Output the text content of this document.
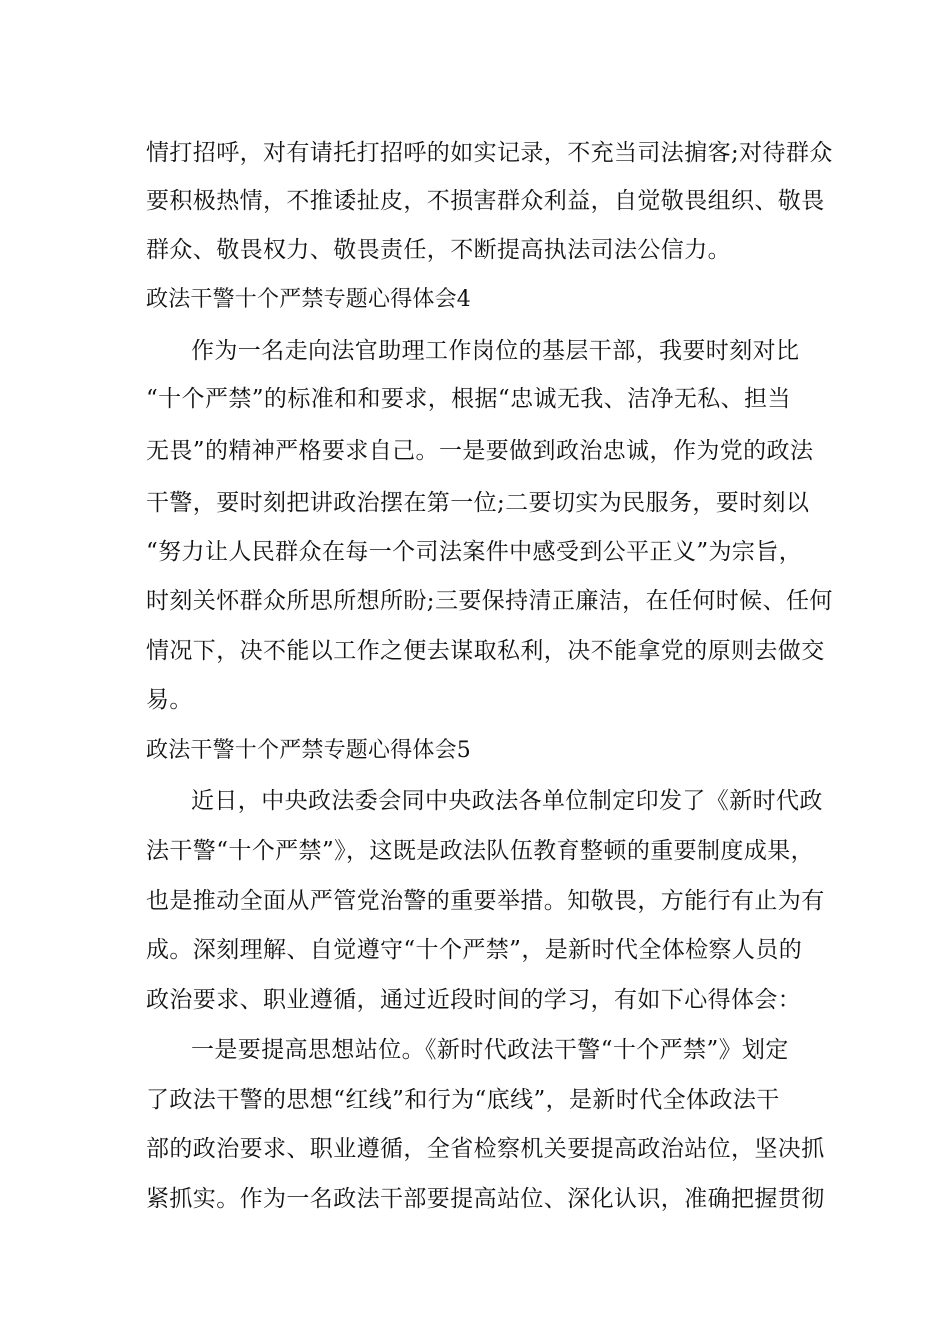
情打招呼，对有请托打招呼的如实记录，不充当司法掮客;对待群众
要积极热情，不推诿扯皮，不损害群众利益，自觉敬畏组织、敬畏
群众、敬畏权力、敬畏责任，不断提高执法司法公信力。
政法干警十个严禁专题心得体会4
作为一名走向法官助理工作岗位的基层干部，我要时刻对比
“十个严禁”的标准和和要求，根据“忠诚无我、洁净无私、担当
无畏”的精神严格要求自己。一是要做到政治忠诚，作为党的政法
干警，要时刻把讲政治摆在第一位;二要切实为民服务，要时刻以
“努力让人民群众在每一个司法案件中感受到公平正义”为宗旨，
时刻关怀群众所思所想所盼;三要保持清正廉洁，在任何时候、任何
情况下，决不能以工作之便去谋取私利，决不能拿党的原则去做交
易。
政法干警十个严禁专题心得体会5
近日，中央政法委会同中央政法各单位制定印发了《新时代政
法干警“十个严禁”》，这既是政法队伍教育整顿的重要制度成果，
也是推动全面从严管党治警的重要举措。知敬畏，方能行有止为有
成。深刻理解、自觉遵守“十个严禁”，是新时代全体检察人员的
政治要求、职业遵循，通过近段时间的学习，有如下心得体会：
一是要提高思想站位。《新时代政法干警“十个严禁”》划定
了政法干警的思想“红线”和行为“底线”，是新时代全体政法干
部的政治要求、职业遵循，全省检察机关要提高政治站位，坚决抓
紧抓实。作为一名政法干部要提高站位、深化认识，准确把握贯彻
